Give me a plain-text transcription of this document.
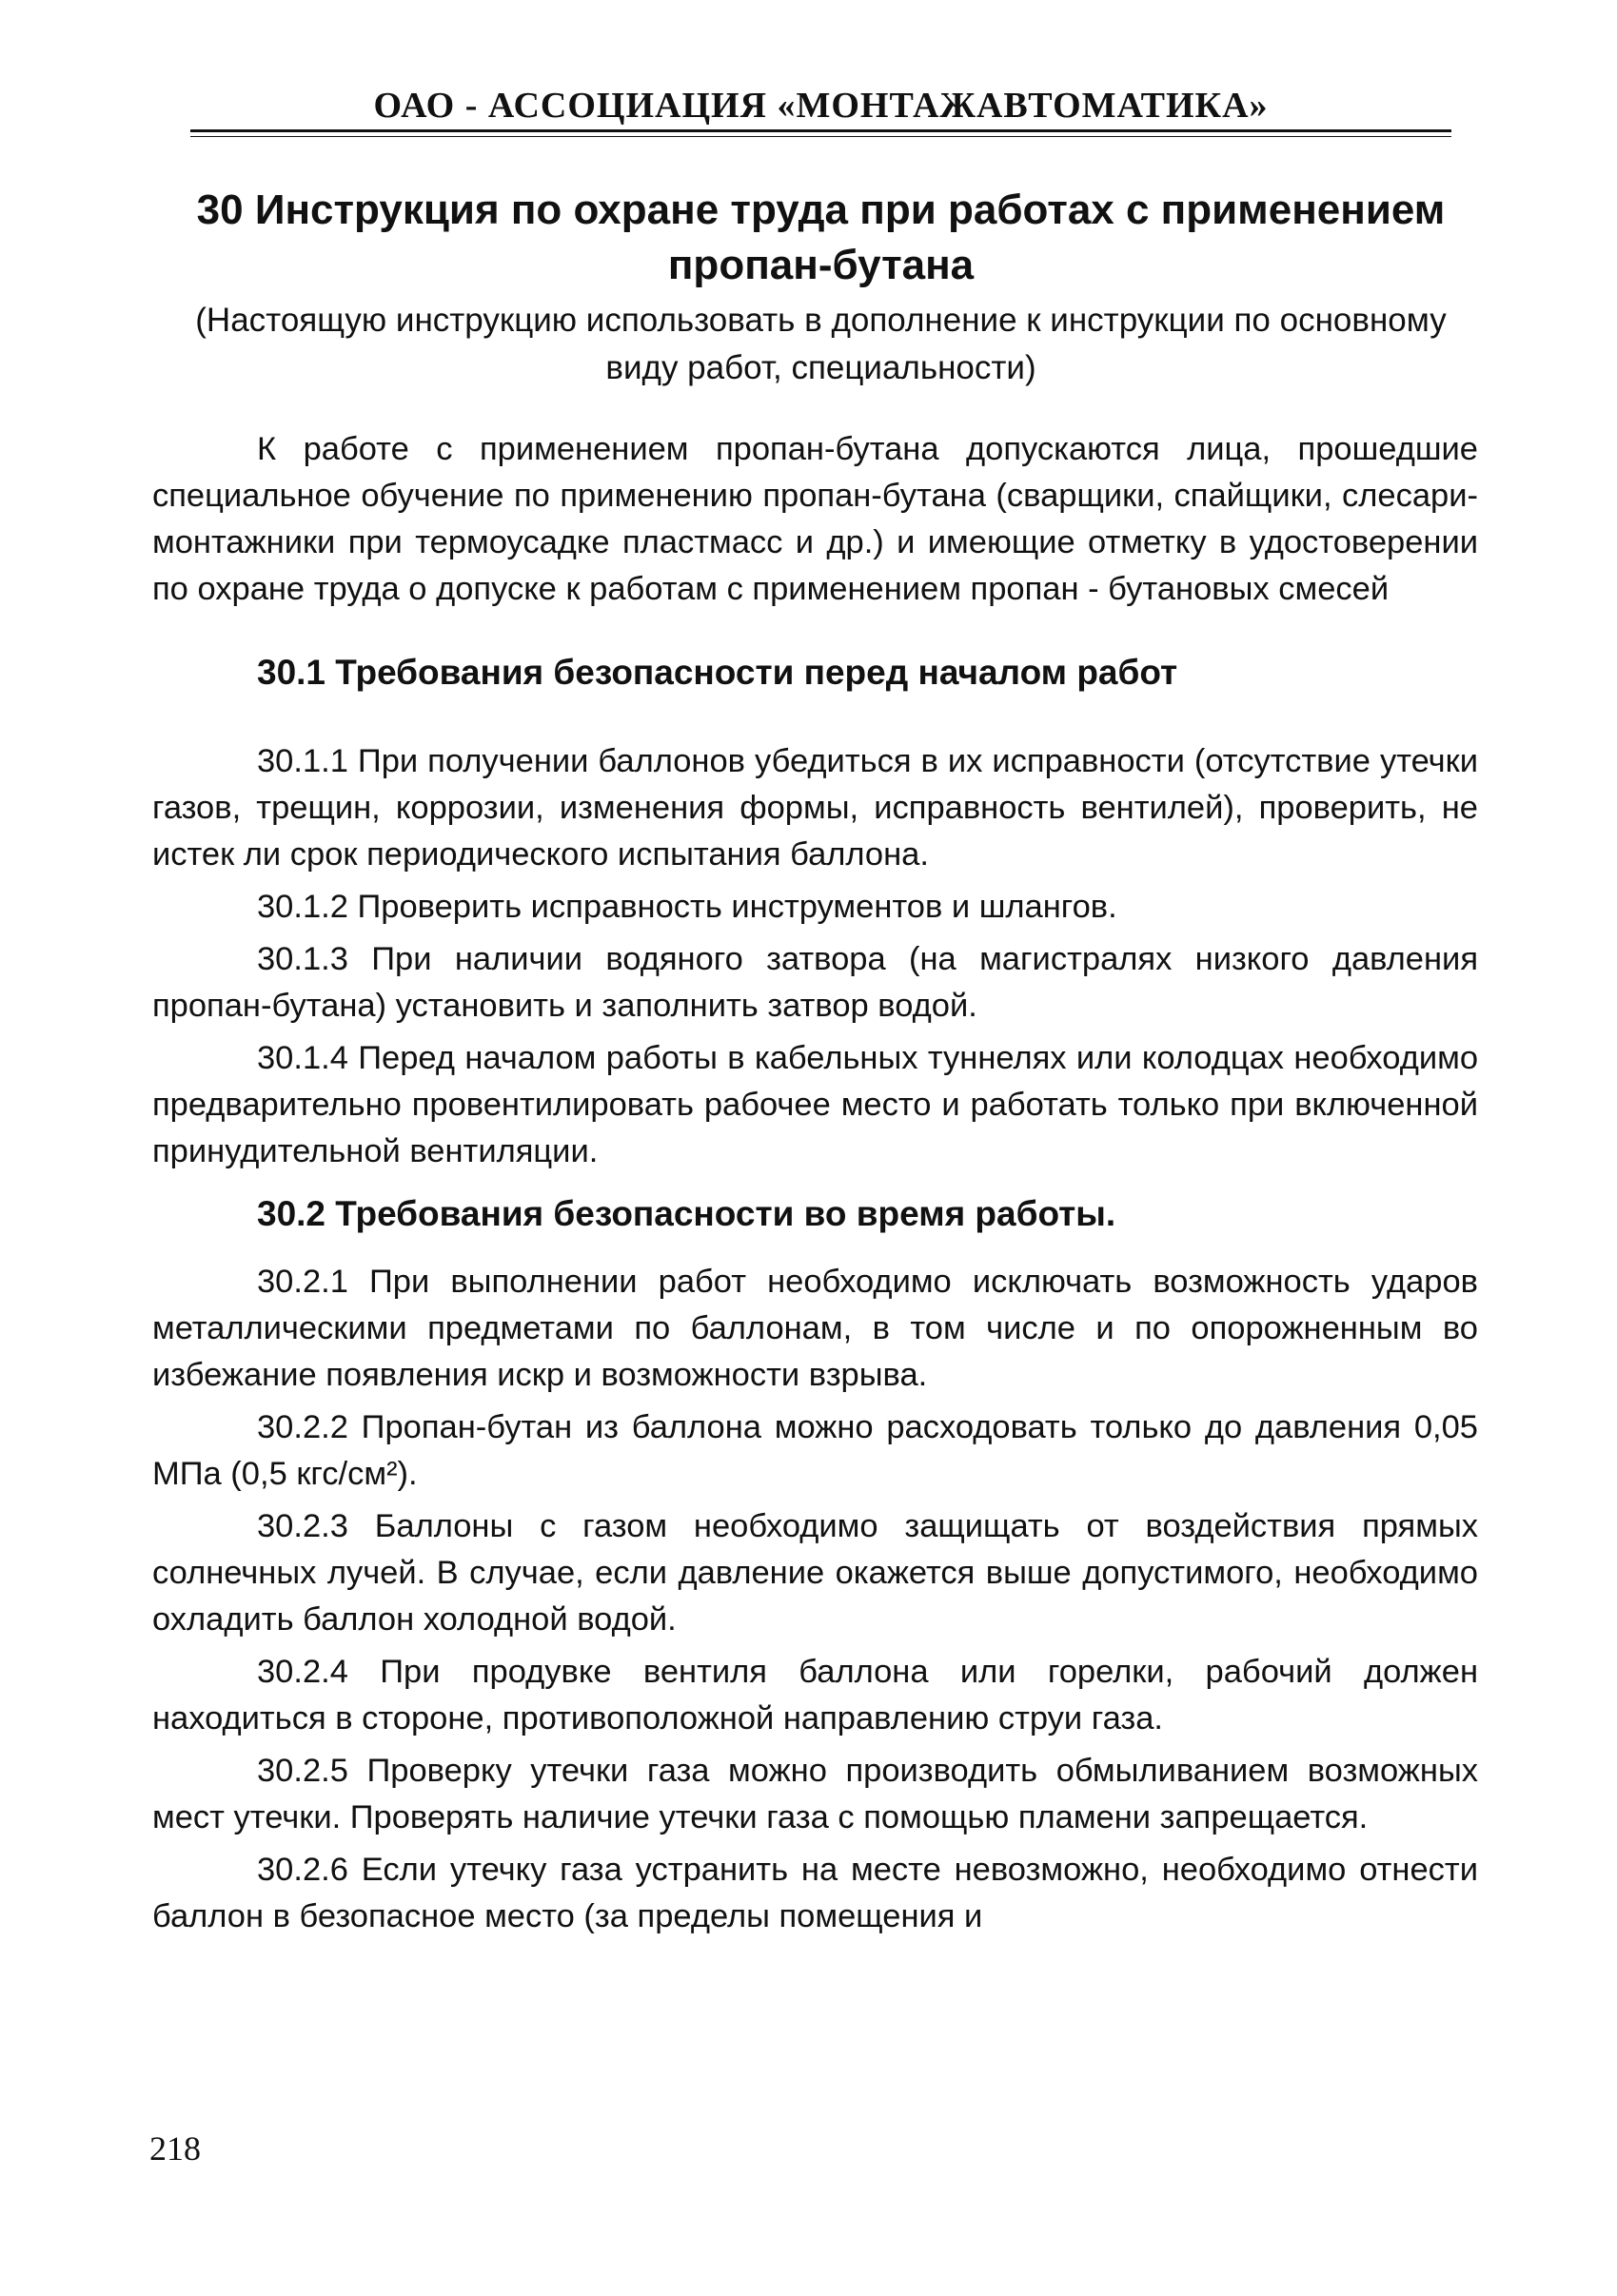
ОАО - АССОЦИАЦИЯ «МОНТАЖАВТОМАТИКА»
30 Инструкция по охране труда при работах с применением пропан-бутана
(Настоящую инструкцию использовать в дополнение к инструкции по основному виду работ, специальности)

К работе с применением пропан-бутана допускаются лица, прошедшие специальное обучение по применению пропан-бутана (сварщики, спайщики, слесари-монтажники при термоусадке пластмасс и др.) и имеющие отметку в удостоверении по охране труда о допуске к работам с применением пропан - бутановых смесей

30.1 Требования безопасности перед началом работ

30.1.1 При получении баллонов убедиться в их исправности (отсутствие утечки газов, трещин, коррозии, изменения формы, исправность вентилей), проверить, не истек ли срок периодического испытания баллона.

30.1.2 Проверить исправность инструментов и шлангов.

30.1.3 При наличии водяного затвора (на магистралях низкого давления пропан-бутана) установить и заполнить затвор водой.

30.1.4 Перед началом работы в кабельных туннелях или колодцах необходимо предварительно провентилировать рабочее место и работать только при включенной принудительной вентиляции.

30.2 Требования безопасности во время работы.

30.2.1 При выполнении работ необходимо исключать возможность ударов металлическими предметами по баллонам, в том числе и по опорожненным во избежание появления искр и возможности взрыва.

30.2.2 Пропан-бутан из баллона можно расходовать только до давления 0,05 МПа (0,5 кгс/см²).

30.2.3 Баллоны с газом необходимо защищать от воздействия прямых солнечных лучей. В случае, если давление окажется выше допустимого, необходимо охладить баллон холодной водой.

30.2.4 При продувке вентиля баллона или горелки, рабочий должен находиться в стороне, противоположной направлению струи газа.

30.2.5 Проверку утечки газа можно производить обмыливанием возможных мест утечки. Проверять наличие утечки газа с помощью пламени запрещается.

30.2.6 Если утечку газа устранить на месте невозможно, необходимо отнести баллон в безопасное место (за пределы помещения и

218
